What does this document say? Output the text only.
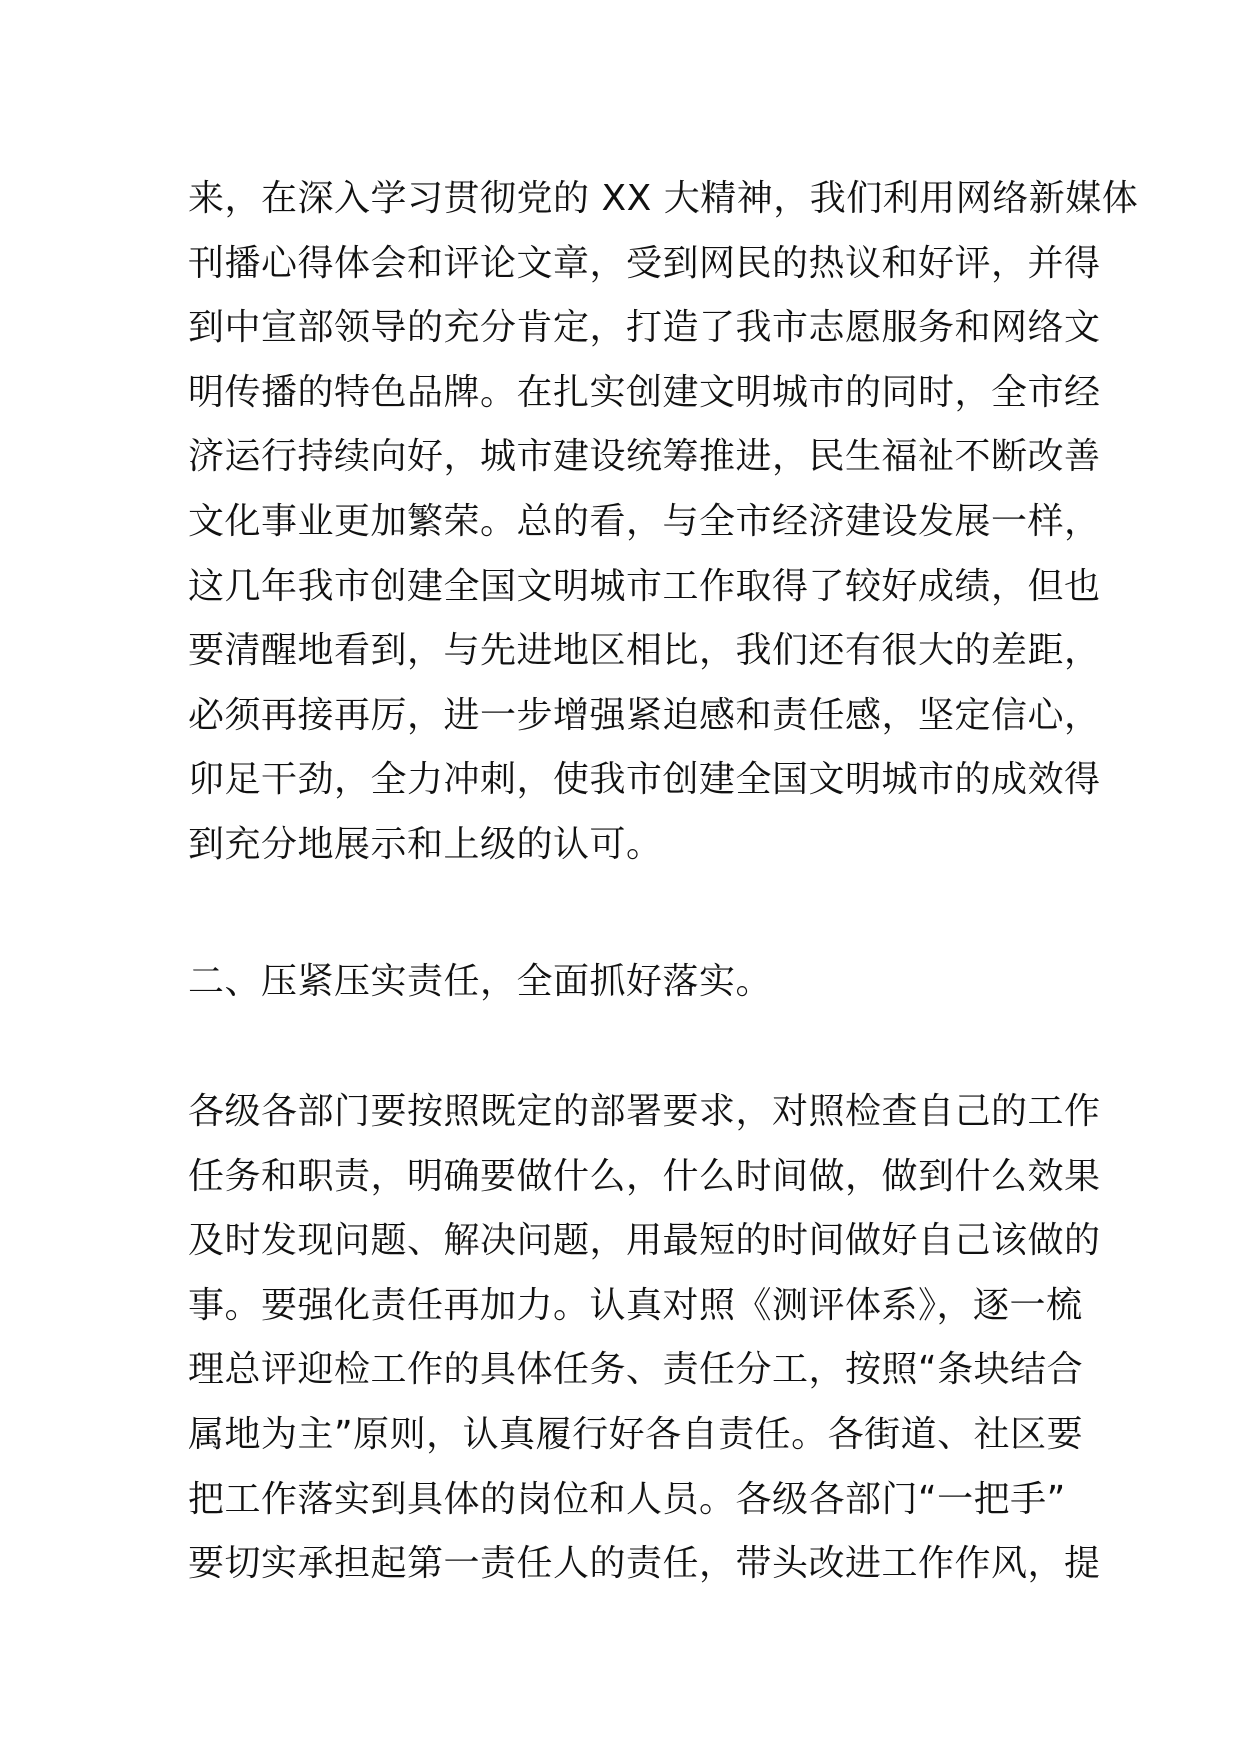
来，在深入学习贯彻党的 XX 大精神，我们利用网络新媒体
刊播心得体会和评论文章，受到网民的热议和好评，并得
到中宣部领导的充分肯定，打造了我市志愿服务和网络文
明传播的特色品牌。在扎实创建文明城市的同时，全市经
济运行持续向好，城市建设统筹推进，民生福祉不断改善
文化事业更加繁荣。总的看，与全市经济建设发展一样，
这几年我市创建全国文明城市工作取得了较好成绩，但也
要清醒地看到，与先进地区相比，我们还有很大的差距，
必须再接再厉，进一步增强紧迫感和责任感，坚定信心，
卯足干劲，全力冲刺，使我市创建全国文明城市的成效得
到充分地展示和上级的认可。
二、压紧压实责任，全面抓好落实。
各级各部门要按照既定的部署要求，对照检查自己的工作
任务和职责，明确要做什么，什么时间做，做到什么效果
及时发现问题、解决问题，用最短的时间做好自己该做的
事。要强化责任再加力。认真对照《测评体系》，逐一梳
理总评迎检工作的具体任务、责任分工，按照“条块结合
属地为主”原则，认真履行好各自责任。各街道、社区要
把工作落实到具体的岗位和人员。各级各部门“一把手”
要切实承担起第一责任人的责任，带头改进工作作风，提
